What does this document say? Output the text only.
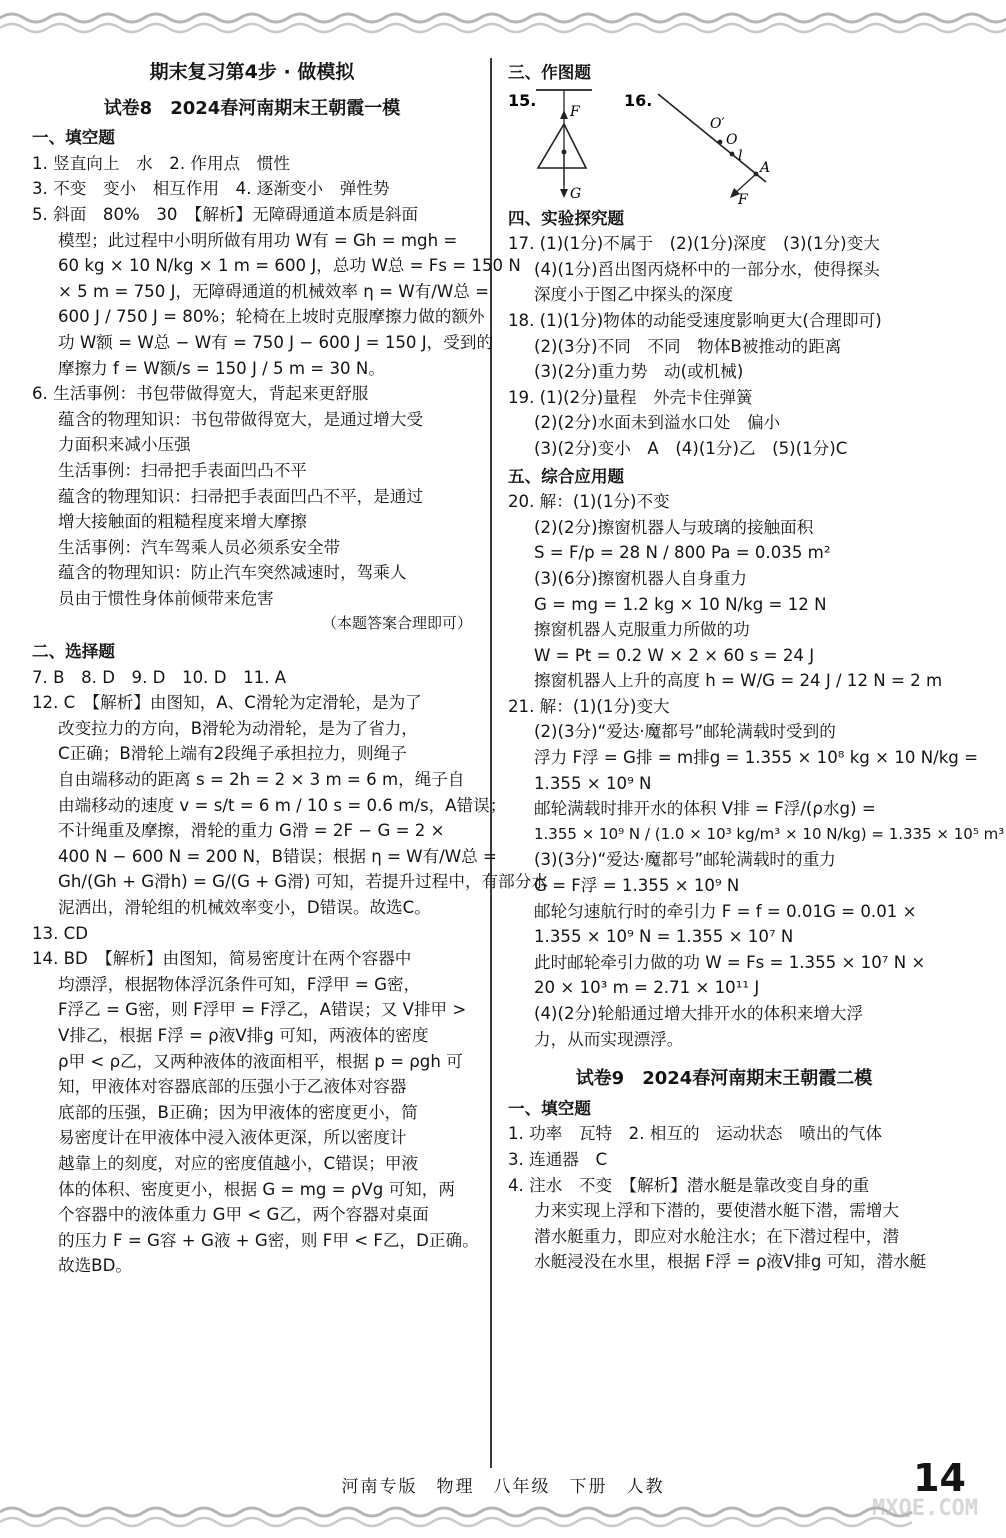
期末复习第4步 · 做模拟
试卷8　2024春河南期末王朝霞一模
一、填空题
1. 竖直向上　水　2. 作用点　惯性
3. 不变　变小　相互作用　4. 逐渐变小　弹性势
5. 斜面　80%　30　【解析】无障碍通道本质是斜面
模型；此过程中小明所做有用功 W有 = Gh = mgh =
60 kg × 10 N/kg × 1 m = 600 J，总功 W总 = Fs = 150 N
× 5 m = 750 J，无障碍通道的机械效率 η = W有/W总 =
600 J / 750 J = 80%；轮椅在上坡时克服摩擦力做的额外
功 W额 = W总 − W有 = 750 J − 600 J = 150 J，受到的
摩擦力 f = W额/s = 150 J / 5 m = 30 N。
6. 生活事例：书包带做得宽大，背起来更舒服
蕴含的物理知识：书包带做得宽大，是通过增大受
力面积来减小压强
生活事例：扫帚把手表面凹凸不平
蕴含的物理知识：扫帚把手表面凹凸不平，是通过
增大接触面的粗糙程度来增大摩擦
生活事例：汽车驾乘人员必须系安全带
蕴含的物理知识：防止汽车突然减速时，驾乘人
员由于惯性身体前倾带来危害
（本题答案合理即可）
二、选择题
7. B　8. D　9. D　10. D　11. A
12. C　【解析】由图知，A、C滑轮为定滑轮，是为了
改变拉力的方向，B滑轮为动滑轮，是为了省力，
C正确；B滑轮上端有2段绳子承担拉力，则绳子
自由端移动的距离 s = 2h = 2 × 3 m = 6 m，绳子自
由端移动的速度 v = s/t = 6 m / 10 s = 0.6 m/s，A错误；
不计绳重及摩擦，滑轮的重力 G滑 = 2F − G = 2 ×
400 N − 600 N = 200 N，B错误；根据 η = W有/W总 =
Gh/(Gh + G滑h) = G/(G + G滑) 可知，若提升过程中，有部分水
泥洒出，滑轮组的机械效率变小，D错误。故选C。
13. CD
14. BD　【解析】由图知，简易密度计在两个容器中
均漂浮，根据物体浮沉条件可知，F浮甲 = G密，
F浮乙 = G密，则 F浮甲 = F浮乙，A错误；又 V排甲 >
V排乙，根据 F浮 = ρ液V排g 可知，两液体的密度
ρ甲 < ρ乙，又两种液体的液面相平，根据 p = ρgh 可
知，甲液体对容器底部的压强小于乙液体对容器
底部的压强，B正确；因为甲液体的密度更小，简
易密度计在甲液体中浸入液体更深，所以密度计
越靠上的刻度，对应的密度值越小，C错误；甲液
体的体积、密度更小，根据 G = mg = ρVg 可知，两
个容器中的液体重力 G甲 < G乙，两个容器对桌面
的压力 F = G容 + G液 + G密，则 F甲 < F乙，D正确。
故选BD。
三、作图题
15.
F
G
16.
O′
O
l
A
F
四、实验探究题
17. (1)(1分)不属于　(2)(1分)深度　(3)(1分)变大
(4)(1分)舀出图丙烧杯中的一部分水，使得探头
深度小于图乙中探头的深度
18. (1)(1分)物体的动能受速度影响更大(合理即可)
(2)(3分)不同　不同　物体B被推动的距离
(3)(2分)重力势　动(或机械)
19. (1)(2分)量程　外壳卡住弹簧
(2)(2分)水面未到溢水口处　偏小
(3)(2分)变小　A　(4)(1分)乙　(5)(1分)C
五、综合应用题
20. 解：(1)(1分)不变
(2)(2分)擦窗机器人与玻璃的接触面积
S = F/p = 28 N / 800 Pa = 0.035 m²
(3)(6分)擦窗机器人自身重力
G = mg = 1.2 kg × 10 N/kg = 12 N
擦窗机器人克服重力所做的功
W = Pt = 0.2 W × 2 × 60 s = 24 J
擦窗机器人上升的高度 h = W/G = 24 J / 12 N = 2 m
21. 解：(1)(1分)变大
(2)(3分)“爱达·魔都号”邮轮满载时受到的
浮力 F浮 = G排 = m排g = 1.355 × 10⁸ kg × 10 N/kg =
1.355 × 10⁹ N
邮轮满载时排开水的体积 V排 = F浮/(ρ水g) =
1.355 × 10⁹ N / (1.0 × 10³ kg/m³ × 10 N/kg) = 1.335 × 10⁵ m³
(3)(3分)“爱达·魔都号”邮轮满载时的重力
G = F浮 = 1.355 × 10⁹ N
邮轮匀速航行时的牵引力 F = f = 0.01G = 0.01 ×
1.355 × 10⁹ N = 1.355 × 10⁷ N
此时邮轮牵引力做的功 W = Fs = 1.355 × 10⁷ N ×
20 × 10³ m = 2.71 × 10¹¹ J
(4)(2分)轮船通过增大排开水的体积来增大浮
力，从而实现漂浮。
试卷9　2024春河南期末王朝霞二模
一、填空题
1. 功率　瓦特　2. 相互的　运动状态　喷出的气体
3. 连通器　C
4. 注水　不变　【解析】潜水艇是靠改变自身的重
力来实现上浮和下潜的，要使潜水艇下潜，需增大
潜水艇重力，即应对水舱注水；在下潜过程中，潜
水艇浸没在水里，根据 F浮 = ρ液V排g 可知，潜水艇
河南专版　物理　八年级　下册　人教	14
MXQE.COM
